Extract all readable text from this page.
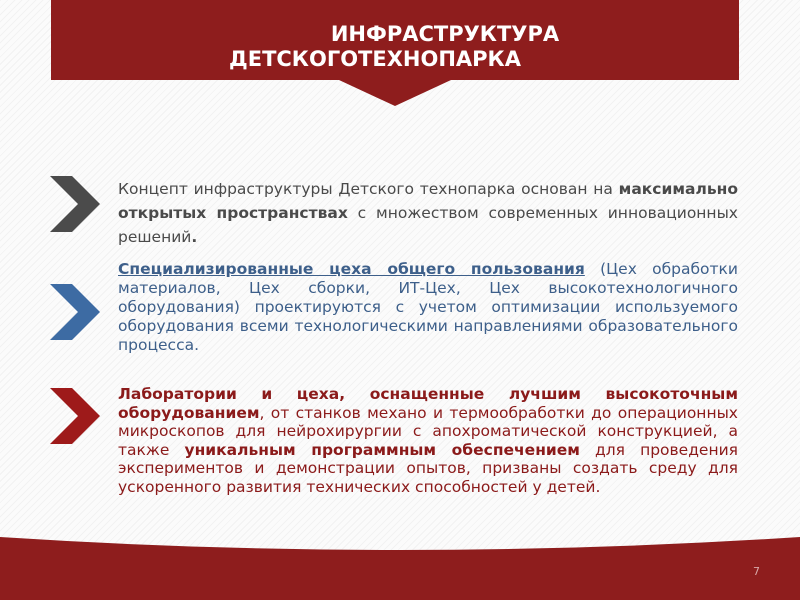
ИНФРАСТРУКТУРА
ДЕТСКОГОТЕХНОПАРКА
Концепт инфраструктуры Детского технопарка основан на максимально открытых пространствах с множеством современных инновационных решений.
Специализированные цеха общего пользования (Цех обработки материалов, Цех сборки, ИТ-Цех, Цех высокотехнологичного оборудования) проектируются с учетом оптимизации используемого оборудования всеми технологическими направлениями образовательного процесса.
Лаборатории и цеха, оснащенные лучшим высокоточным оборудованием, от станков механо и термообработки до операционных микроскопов для нейрохирургии с апохроматической конструкцией, а также уникальным программным обеспечением для проведения экспериментов и демонстрации опытов, призваны создать среду для ускоренного развития технических способностей у детей.
7
